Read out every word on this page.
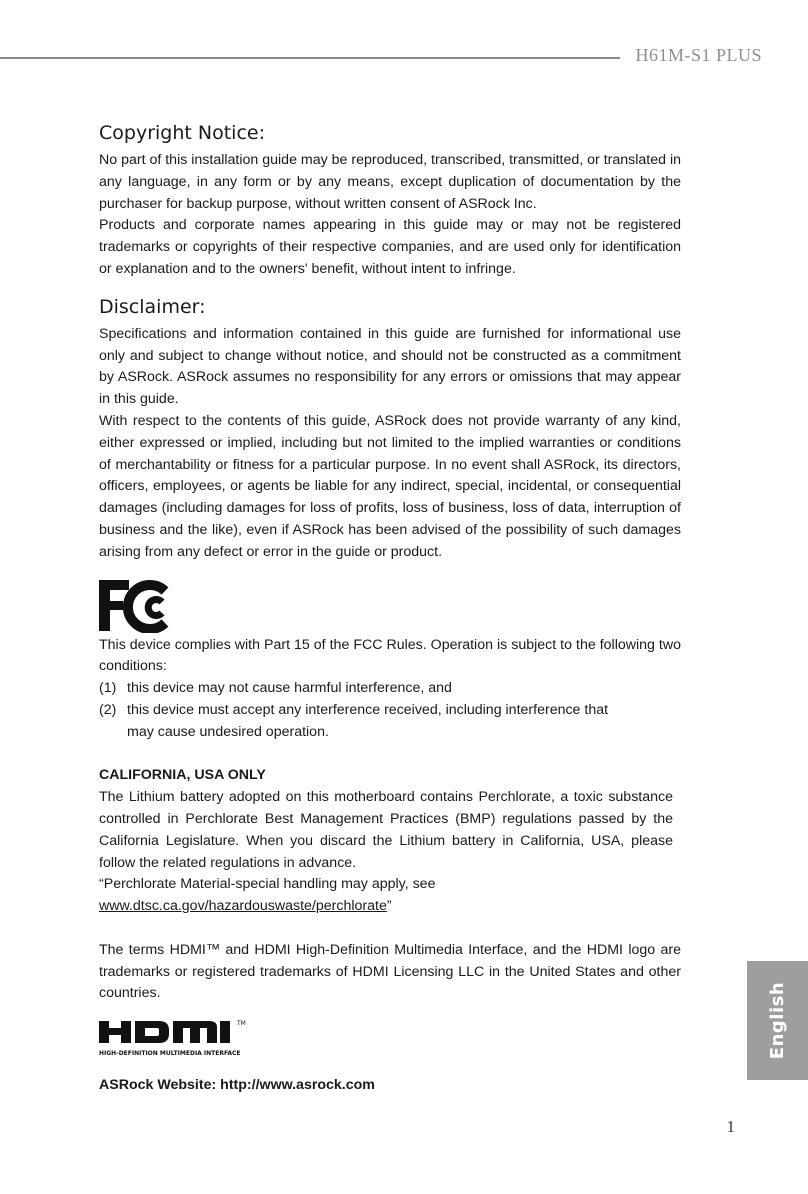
H61M-S1 PLUS
Copyright Notice:

No part of this installation guide may be reproduced, transcribed, transmitted, or translated in any language, in any form or by any means, except duplication of documentation by the purchaser for backup purpose, without written consent of ASRock Inc.

Products and corporate names appearing in this guide may or may not be registered trademarks or copyrights of their respective companies, and are used only for identification or explanation and to the owners' benefit, without intent to infringe.

Disclaimer:

Specifications and information contained in this guide are furnished for informational use only and subject to change without notice, and should not be constructed as a commitment by ASRock. ASRock assumes no responsibility for any errors or omissions that may appear in this guide.

With respect to the contents of this guide, ASRock does not provide warranty of any kind, either expressed or implied, including but not limited to the implied warranties or conditions of merchantability or fitness for a particular purpose. In no event shall ASRock, its directors, officers, employees, or agents be liable for any indirect, special, incidental, or consequential damages (including damages for loss of profits, loss of business, loss of data, interruption of business and the like), even if ASRock has been advised of the possibility of such damages arising from any defect or error in the guide or product.

This device complies with Part 15 of the FCC Rules. Operation is subject to the following two conditions:

(1) this device may not cause harmful interference, and
(2) this device must accept any interference received, including interference that may cause undesired operation.

CALIFORNIA, USA ONLY

The Lithium battery adopted on this motherboard contains Perchlorate, a toxic substance controlled in Perchlorate Best Management Practices (BMP) regulations passed by the California Legislature. When you discard the Lithium battery in California, USA, please follow the related regulations in advance.

“Perchlorate Material-special handling may apply, see

www.dtsc.ca.gov/hazardouswaste/perchlorate”

The terms HDMI™ and HDMI High-Definition Multimedia Interface, and the HDMI logo are trademarks or registered trademarks of HDMI Licensing LLC in the United States and other countries.

TM
HIGH-DEFINITION MULTIMEDIA INTERFACE
ASRock Website: http://www.asrock.com
English
1
